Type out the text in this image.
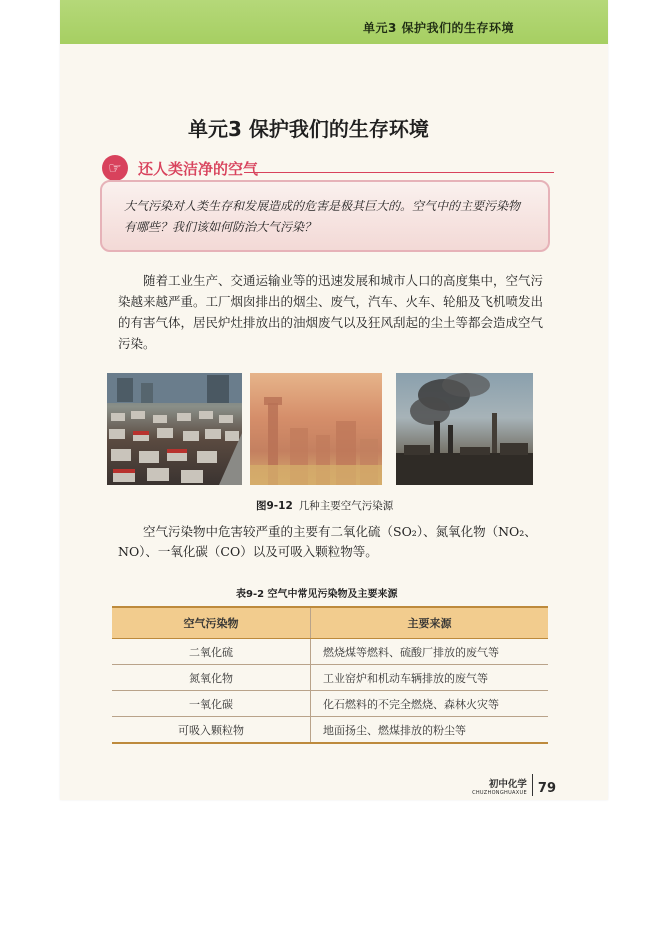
单元3 保护我们的生存环境
单元3 保护我们的生存环境
☞	还人类洁净的空气

大气污染对人类生存和发展造成的危害是极其巨大的。空气中的主要污染物有哪些？我们该如何防治大气污染？

随着工业生产、交通运输业等的迅速发展和城市人口的高度集中，空气污染越来越严重。工厂烟囱排出的烟尘、废气，汽车、火车、轮船及飞机喷发出的有害气体，居民炉灶排放出的油烟废气以及狂风刮起的尘土等都会造成空气污染。

图9-12 几种主要空气污染源

空气污染物中危害较严重的主要有二氧化硫（SO₂）、氮氧化物（NO₂、NO）、一氧化碳（CO）以及可吸入颗粒物等。

表9-2 空气中常见污染物及主要来源
空气污染物	主要来源
二氧化硫	燃烧煤等燃料、硫酸厂排放的废气等
氮氧化物	工业窑炉和机动车辆排放的废气等
一氧化碳	化石燃料的不完全燃烧、森林火灾等
可吸入颗粒物	地面扬尘、燃煤排放的粉尘等
初中化学
CHUZHONGHUAXUE 79
